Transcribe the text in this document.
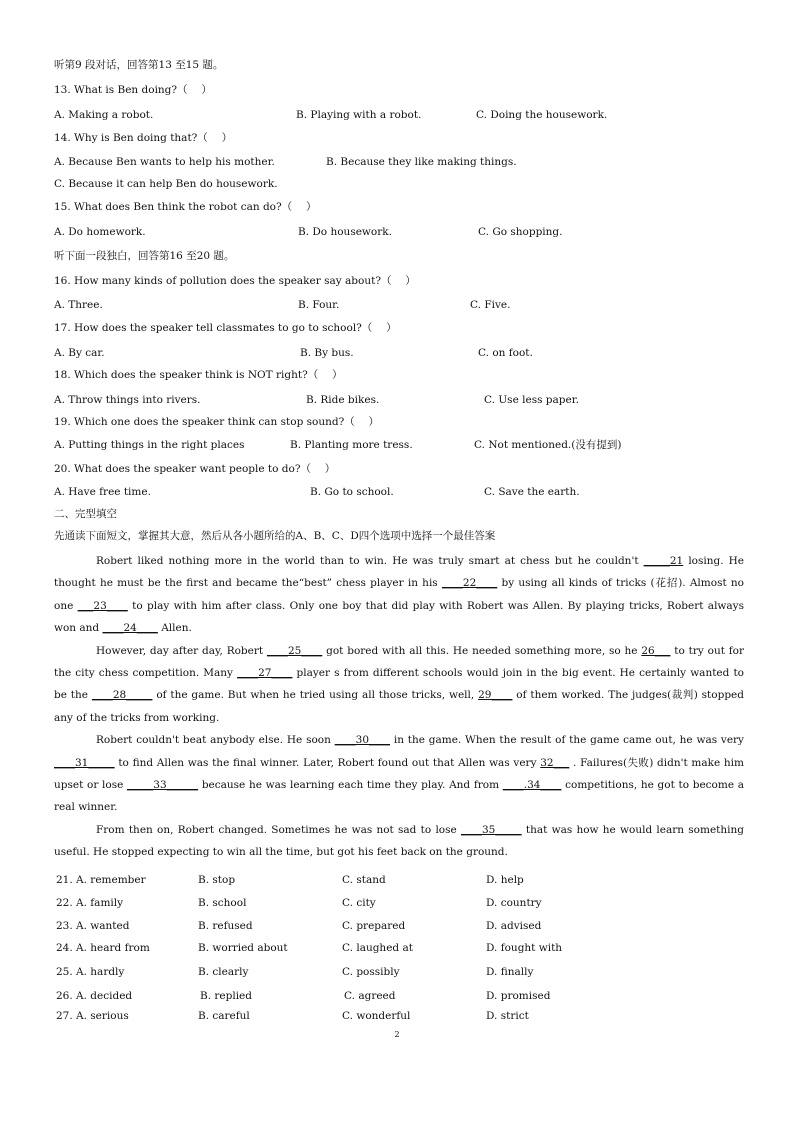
听第9 段对话，回答第13 至15 题。
13. What is Ben doing?（　 ）
A. Making a robot.	B. Playing with a robot.	C. Doing the housework.
14. Why is Ben doing that?（　 ）
A. Because Ben wants to help his mother.	B. Because they like making things.
C. Because it can help Ben do housework.
15. What does Ben think the robot can do?（　 ）
A. Do homework.	B. Do housework.	C. Go shopping.
听下面一段独白，回答第16 至20 题。
16. How many kinds of pollution does the speaker say about?（　 ）
A. Three.	B. Four.	C. Five.
17. How does the speaker tell classmates to go to school?（　 ）
A. By car.	B. By bus.	C. on foot.
18. Which does the speaker think is NOT right?（　 ）
A. Throw things into rivers.	B. Ride bikes.	C. Use less paper.
19. Which one does the speaker think can stop sound?（　 ）
A. Putting things in the right places	B. Planting more tress.	C. Not mentioned.(没有提到)
20. What does the speaker want people to do?（　 ）
A. Have free time.	B. Go to school.	C. Save the earth.
二、完型填空
先通读下面短文，掌握其大意，然后从各小题所给的A、B、C、D四个选项中选择一个最佳答案

Robert liked nothing more in the world than to win. He was truly smart at chess but he couldn't _____21 losing. He thought he must be the first and became the“best” chess player in his ____22____ by using all kinds of tricks (花招). Almost no one ___23____ to play with him after class. Only one boy that did play with Robert was Allen. By playing tricks, Robert always won and ____24____ Allen.

However, day after day, Robert ____25____ got bored with all this. He needed something more, so he 26___ to try out for the city chess competition. Many ____27____ player s from different schools would join in the big event. He certainly wanted to be the ____28_____ of the game. But when he tried using all those tricks, well, 29____ of them worked. The judges(裁判) stopped any of the tricks from working.

Robert couldn't beat anybody else. He soon ____30____ in the game. When the result of the game came out, he was very ____31_____ to find Allen was the final winner. Later, Robert found out that Allen was very 32___ . Failures(失败) didn't make him upset or lose _____33______ because he was learning each time they play. And from ____.34____ competitions, he got to become a real winner.

From then on, Robert changed. Sometimes he was not sad to lose ____35_____ that was how he would learn something useful. He stopped expecting to win all the time, but got his feet back on the ground.

21. A. remember	B. stop	C. stand	D. help
22. A. family	B. school	C. city	D. country
23. A. wanted	B. refused	C. prepared	D. advised
24. A. heard from	B. worried about	C. laughed at	D. fought with
25. A. hardly	B. clearly	C. possibly	D. finally
26. A. decided	B. replied	C. agreed	D. promised
27. A. serious	B. careful	C. wonderful	D. strict
2
